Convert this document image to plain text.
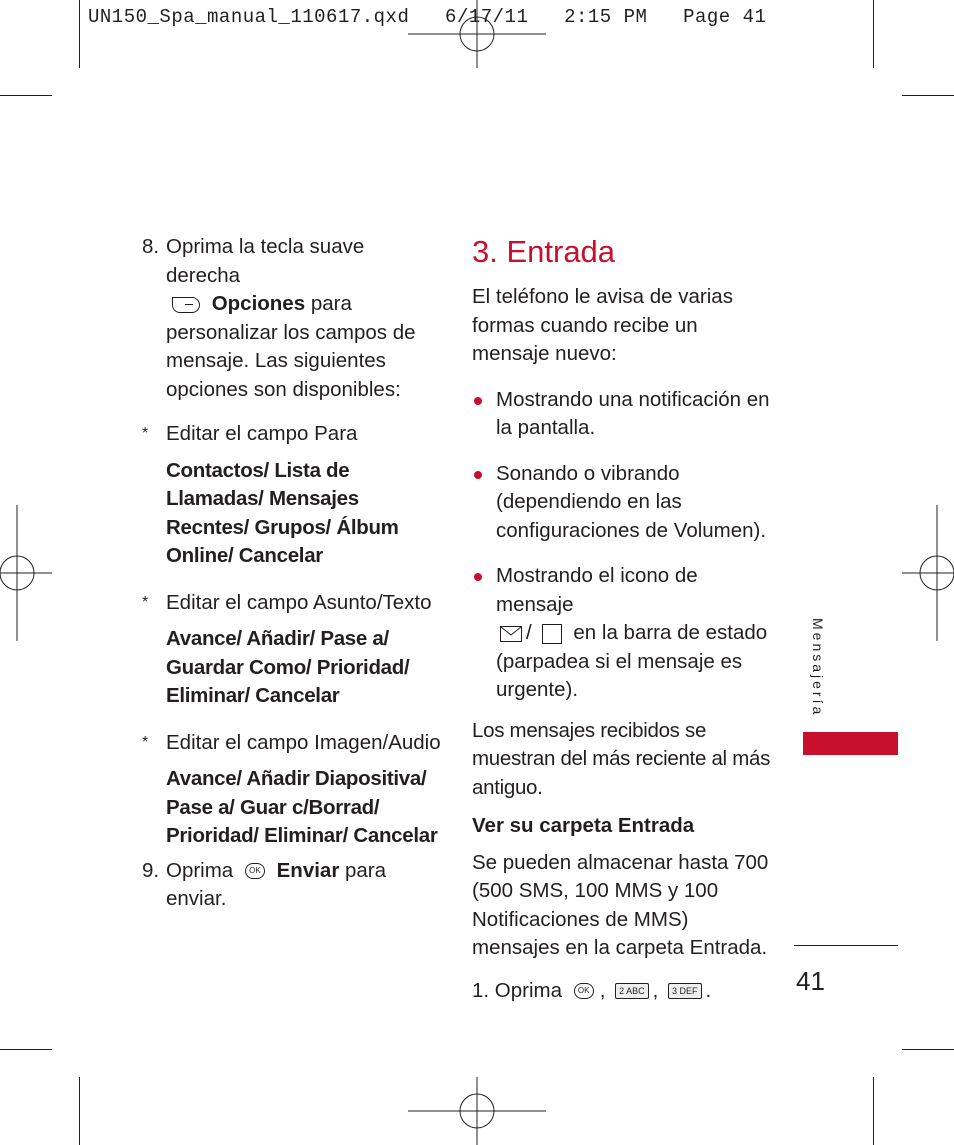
UN150_Spa_manual_110617.qxd   6/17/11   2:15 PM   Page 41
8. Oprima la tecla suave derecha
Opciones para personalizar los campos de mensaje. Las siguientes opciones son disponibles:
* Editar el campo Para
Contactos/ Lista de Llamadas/ Mensajes Recntes/ Grupos/ Álbum Online/ Cancelar
* Editar el campo Asunto/Texto
Avance/ Añadir/ Pase a/ Guardar Como/ Prioridad/ Eliminar/ Cancelar
* Editar el campo Imagen/Audio
Avance/ Añadir Diapositiva/ Pase a/ Guar c/Borrad/ Prioridad/ Eliminar/ Cancelar
9. Oprima OK Enviar para enviar.
3. Entrada

El teléfono le avisa de varias formas cuando recibe un mensaje nuevo:

Mostrando una notificación en la pantalla.
Sonando o vibrando (dependiendo en las configuraciones de Volumen).
Mostrando el icono de mensaje

/ en la barra de estado (parpadea si el mensaje es urgente).

Los mensajes recibidos se muestran del más reciente al más antiguo.

Ver su carpeta Entrada

Se pueden almacenar hasta 700 (500 SMS, 100 MMS y 100 Notificaciones de MMS) mensajes en la carpeta Entrada.

1. Oprima OK , 2 ABC , 3 DEF .

Mensajería
41
